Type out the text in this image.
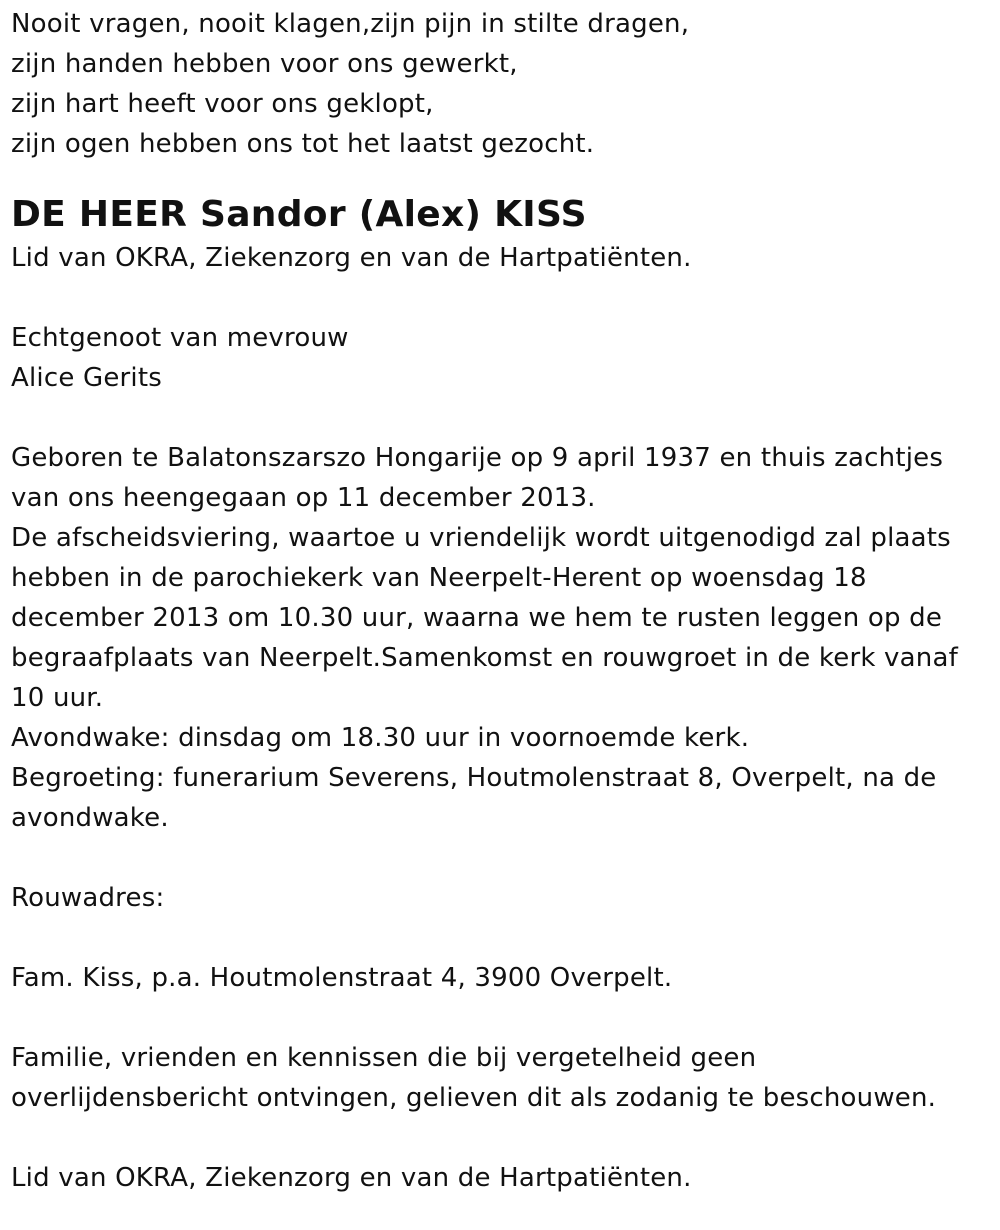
Nooit vragen, nooit klagen,zijn pijn in stilte dragen,
zijn handen hebben voor ons gewerkt,
zijn hart heeft voor ons geklopt,
zijn ogen hebben ons tot het laatst gezocht.
DE HEER Sandor (Alex) KISS
Lid van OKRA, Ziekenzorg en van de Hartpatiënten.
Echtgenoot van mevrouw
Alice Gerits
Geboren te Balatonszarszo Hongarije op 9 april 1937 en thuis zachtjes
van ons heengegaan op 11 december 2013.
De afscheidsviering, waartoe u vriendelijk wordt uitgenodigd zal plaats
hebben in de parochiekerk van Neerpelt-Herent op woensdag 18
december 2013 om 10.30 uur, waarna we hem te rusten leggen op de
begraafplaats van Neerpelt.Samenkomst en rouwgroet in de kerk vanaf
10 uur.
Avondwake: dinsdag om 18.30 uur in voornoemde kerk.
Begroeting: funerarium Severens, Houtmolenstraat 8, Overpelt, na de
avondwake.
Rouwadres:
Fam. Kiss, p.a. Houtmolenstraat 4, 3900 Overpelt.
Familie, vrienden en kennissen die bij vergetelheid geen
overlijdensbericht ontvingen, gelieven dit als zodanig te beschouwen.
Lid van OKRA, Ziekenzorg en van de Hartpatiënten.
